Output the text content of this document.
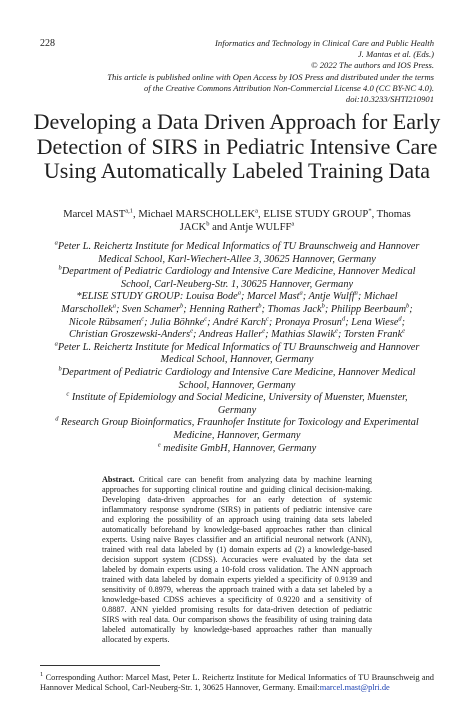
228	Informatics and Technology in Clinical Care and Public Health
J. Mantas et al. (Eds.)
© 2022 The authors and IOS Press.
This article is published online with Open Access by IOS Press and distributed under the terms
of the Creative Commons Attribution Non-Commercial License 4.0 (CC BY-NC 4.0).
doi:10.3233/SHTI210901
Developing a Data Driven Approach for Early Detection of SIRS in Pediatric Intensive Care Using Automatically Labeled Training Data
Marcel MAST$^{a,1}$, Michael MARSCHOLLEK$^a$, ELISE STUDY GROUP*, Thomas JACK$^b$ and Antje WULFF$^a$
$^a$Peter L. Reichertz Institute for Medical Informatics of TU Braunschweig and Hannover Medical School, Karl-Wiechert-Allee 3, 30625 Hannover, Germany
$^b$Department of Pediatric Cardiology and Intensive Care Medicine, Hannover Medical School, Carl-Neuberg-Str. 1, 30625 Hannover, Germany
*ELISE STUDY GROUP: Louisa Bode$^a$; Marcel Mast$^a$; Antje Wulff$^a$; Michael Marschollek$^a$; Sven Schamer$^b$; Henning Rathert$^b$; Thomas Jack$^b$; Philipp Beerbaum$^b$; Nicole Rübsamen$^c$; Julia Böhnke$^c$; André Karch$^c$; Pronaya Prosun$^d$; Lena Wiese$^d$; Christian Groszewski-Anders$^e$; Andreas Haller$^e$; Mathias Slawik$^e$; Torsten Frank$^e$
$^a$Peter L. Reichertz Institute for Medical Informatics of TU Braunschweig and Hannover Medical School, Hannover, Germany
$^b$Department of Pediatric Cardiology and Intensive Care Medicine, Hannover Medical School, Hannover, Germany
$^c$ Institute of Epidemiology and Social Medicine, University of Muenster, Muenster, Germany
$^d$ Research Group Bioinformatics, Fraunhofer Institute for Toxicology and Experimental Medicine, Hannover, Germany
$^e$ medisite GmbH, Hannover, Germany
Abstract. Critical care can benefit from analyzing data by machine learning approaches for supporting clinical routine and guiding clinical decision-making. Developing data-driven approaches for an early detection of systemic inflammatory response syndrome (SIRS) in patients of pediatric intensive care and exploring the possibility of an approach using training data sets labeled automatically beforehand by knowledge-based approaches rather than clinical experts. Using naïve Bayes classifier and an artificial neuronal network (ANN), trained with real data labeled by (1) domain experts ad (2) a knowledge-based decision support system (CDSS). Accuracies were evaluated by the data set labeled by domain experts using a 10-fold cross validation. The ANN approach trained with data labeled by domain experts yielded a specificity of 0.9139 and sensitivity of 0.8979, whereas the approach trained with a data set labeled by a knowledge-based CDSS achieves a specificity of 0.9220 and a sensitivity of 0.8887. ANN yielded promising results for data-driven detection of pediatric SIRS with real data. Our comparison shows the feasibility of using training data labeled automatically by knowledge-based approaches rather than manually allocated by experts.
$^1$ Corresponding Author: Marcel Mast, Peter L. Reichertz Institute for Medical Informatics of TU Braunschweig and Hannover Medical School, Carl-Neuberg-Str. 1, 30625 Hannover, Germany. Email:marcel.mast@plri.de
